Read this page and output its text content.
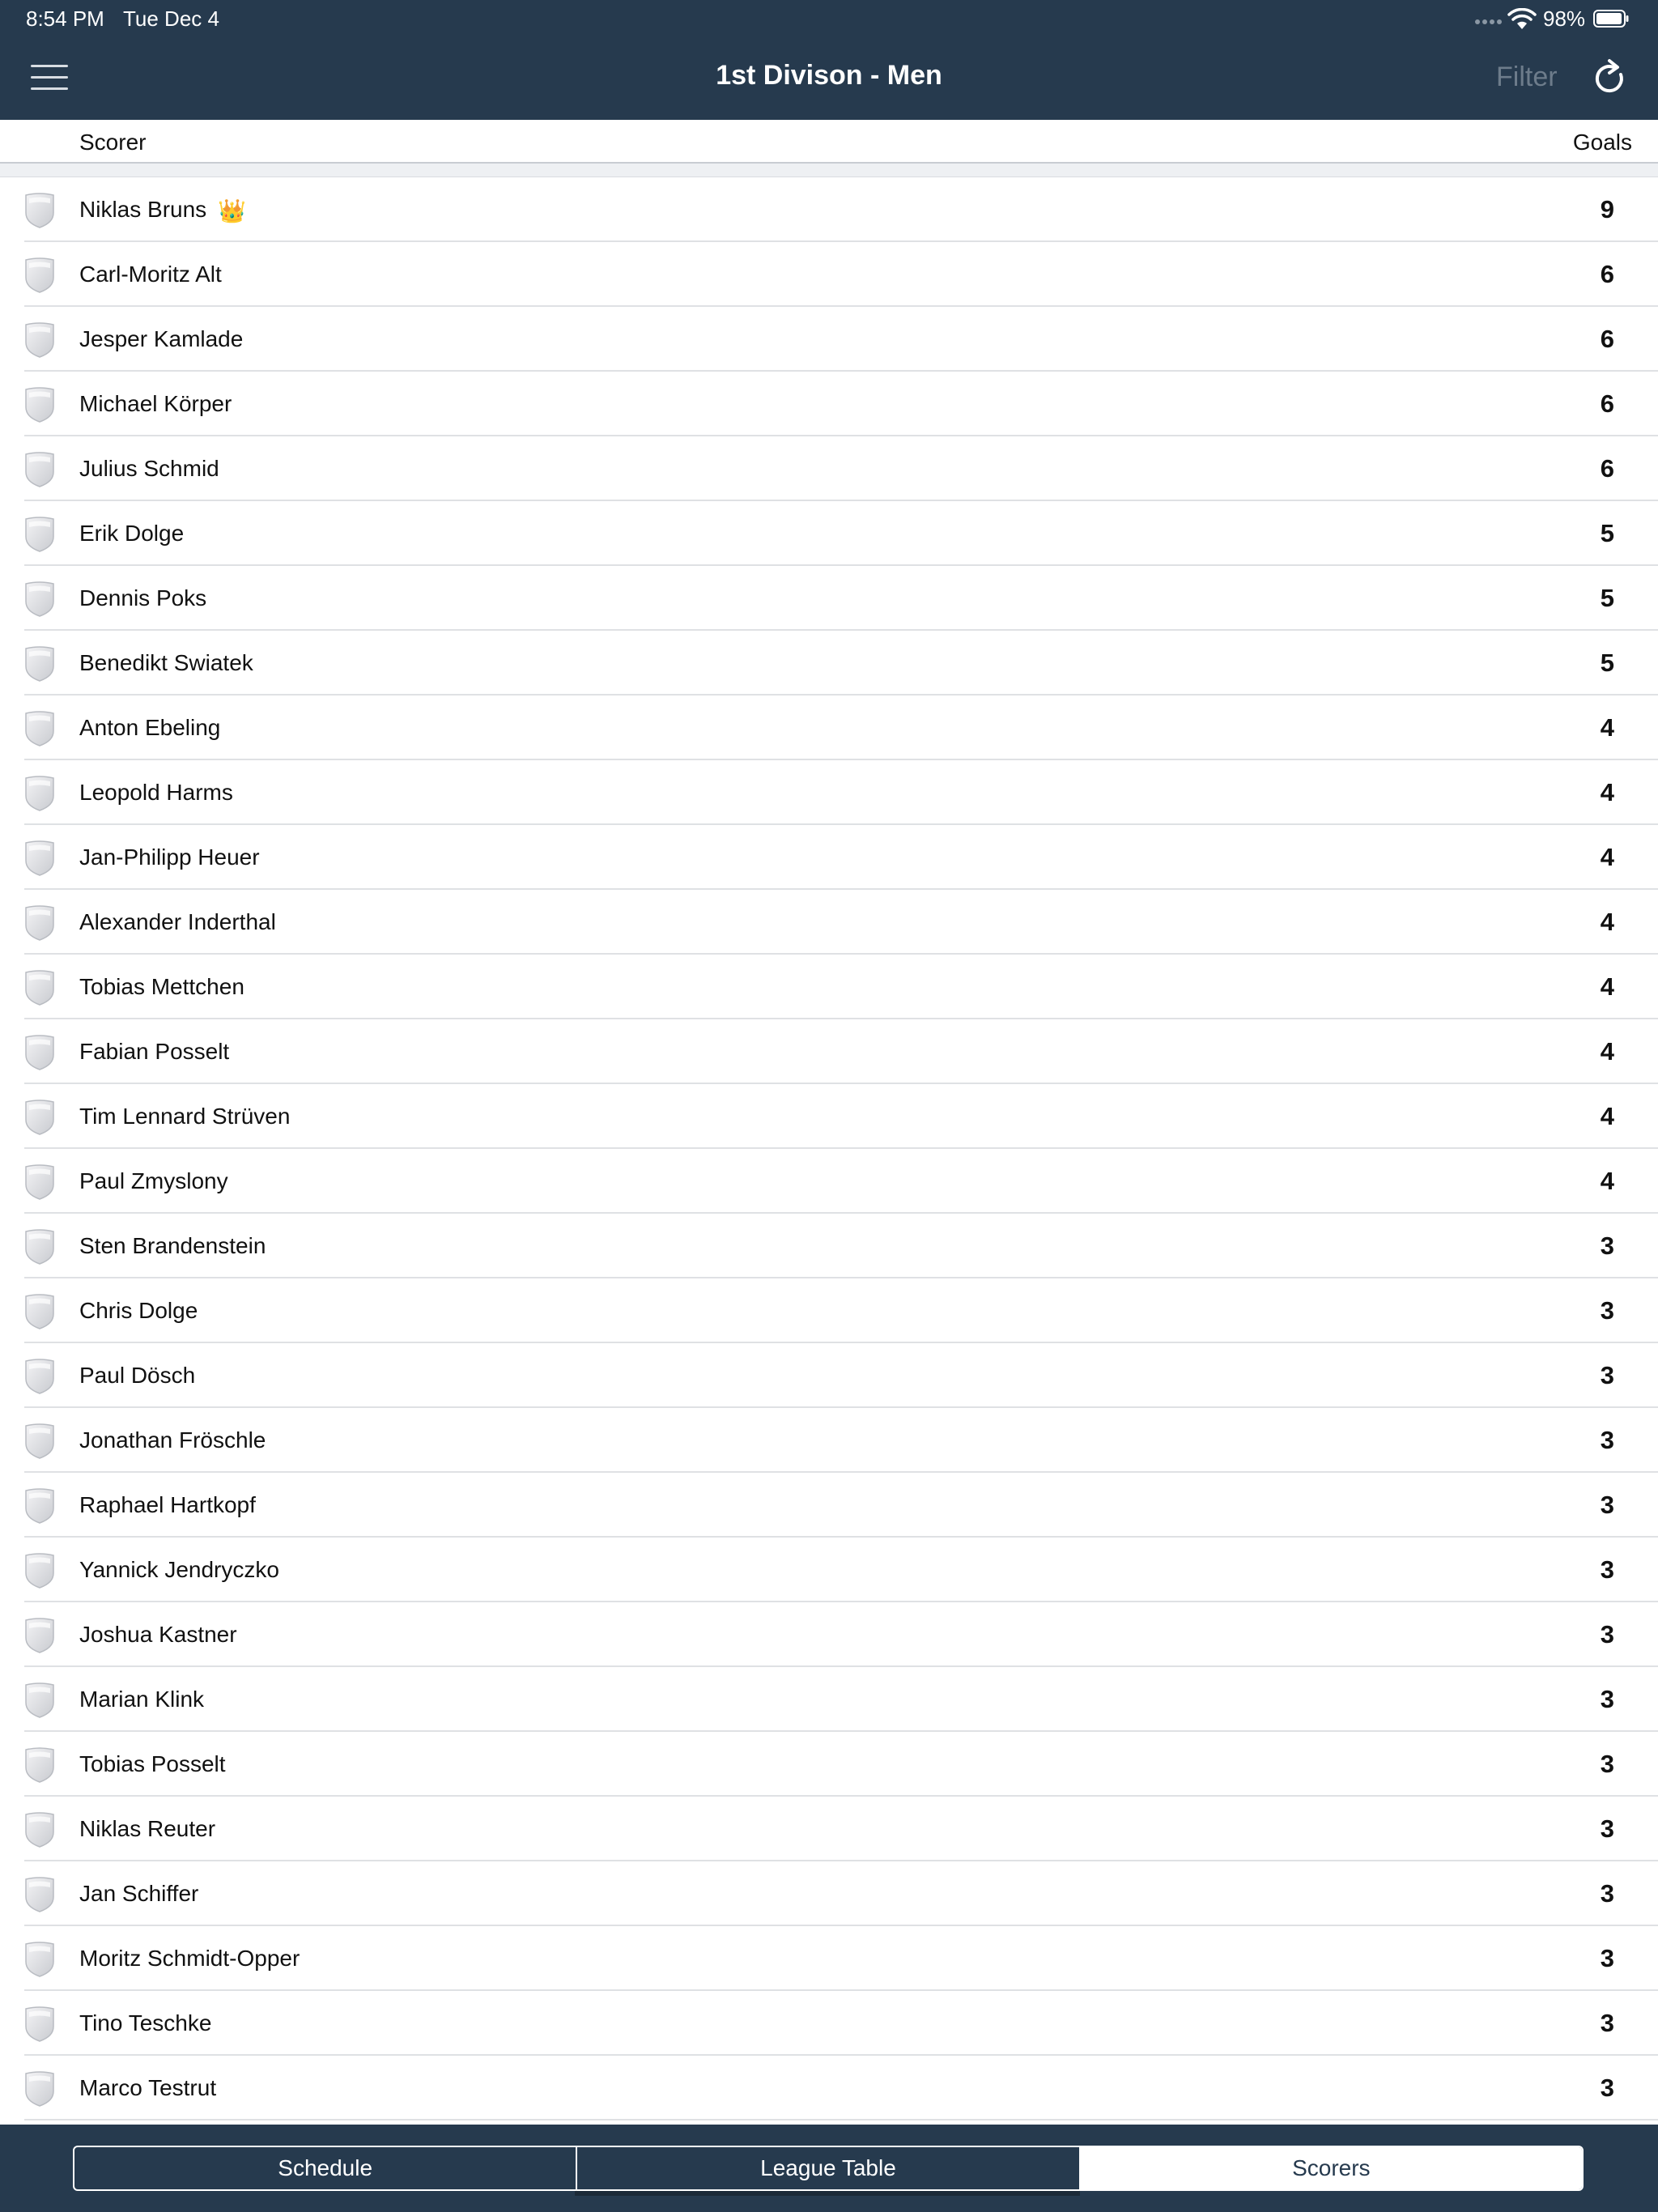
8:54 PM Tue Dec 4	98%
1st Divison - Men	Filter
Scorer	Goals
Niklas Bruns 👑	9
Carl-Moritz Alt	6
Jesper Kamlade	6
Michael Körper	6
Julius Schmid	6
Erik Dolge	5
Dennis Poks	5
Benedikt Swiatek	5
Anton Ebeling	4
Leopold Harms	4
Jan-Philipp Heuer	4
Alexander Inderthal	4
Tobias Mettchen	4
Fabian Posselt	4
Tim Lennard Strüven	4
Paul Zmyslony	4
Sten Brandenstein	3
Chris Dolge	3
Paul Dösch	3
Jonathan Fröschle	3
Raphael Hartkopf	3
Yannick Jendryczko	3
Joshua Kastner	3
Marian Klink	3
Tobias Posselt	3
Niklas Reuter	3
Jan Schiffer	3
Moritz Schmidt-Opper	3
Tino Teschke	3
Marco Testrut	3
Schedule	League Table	Scorers
